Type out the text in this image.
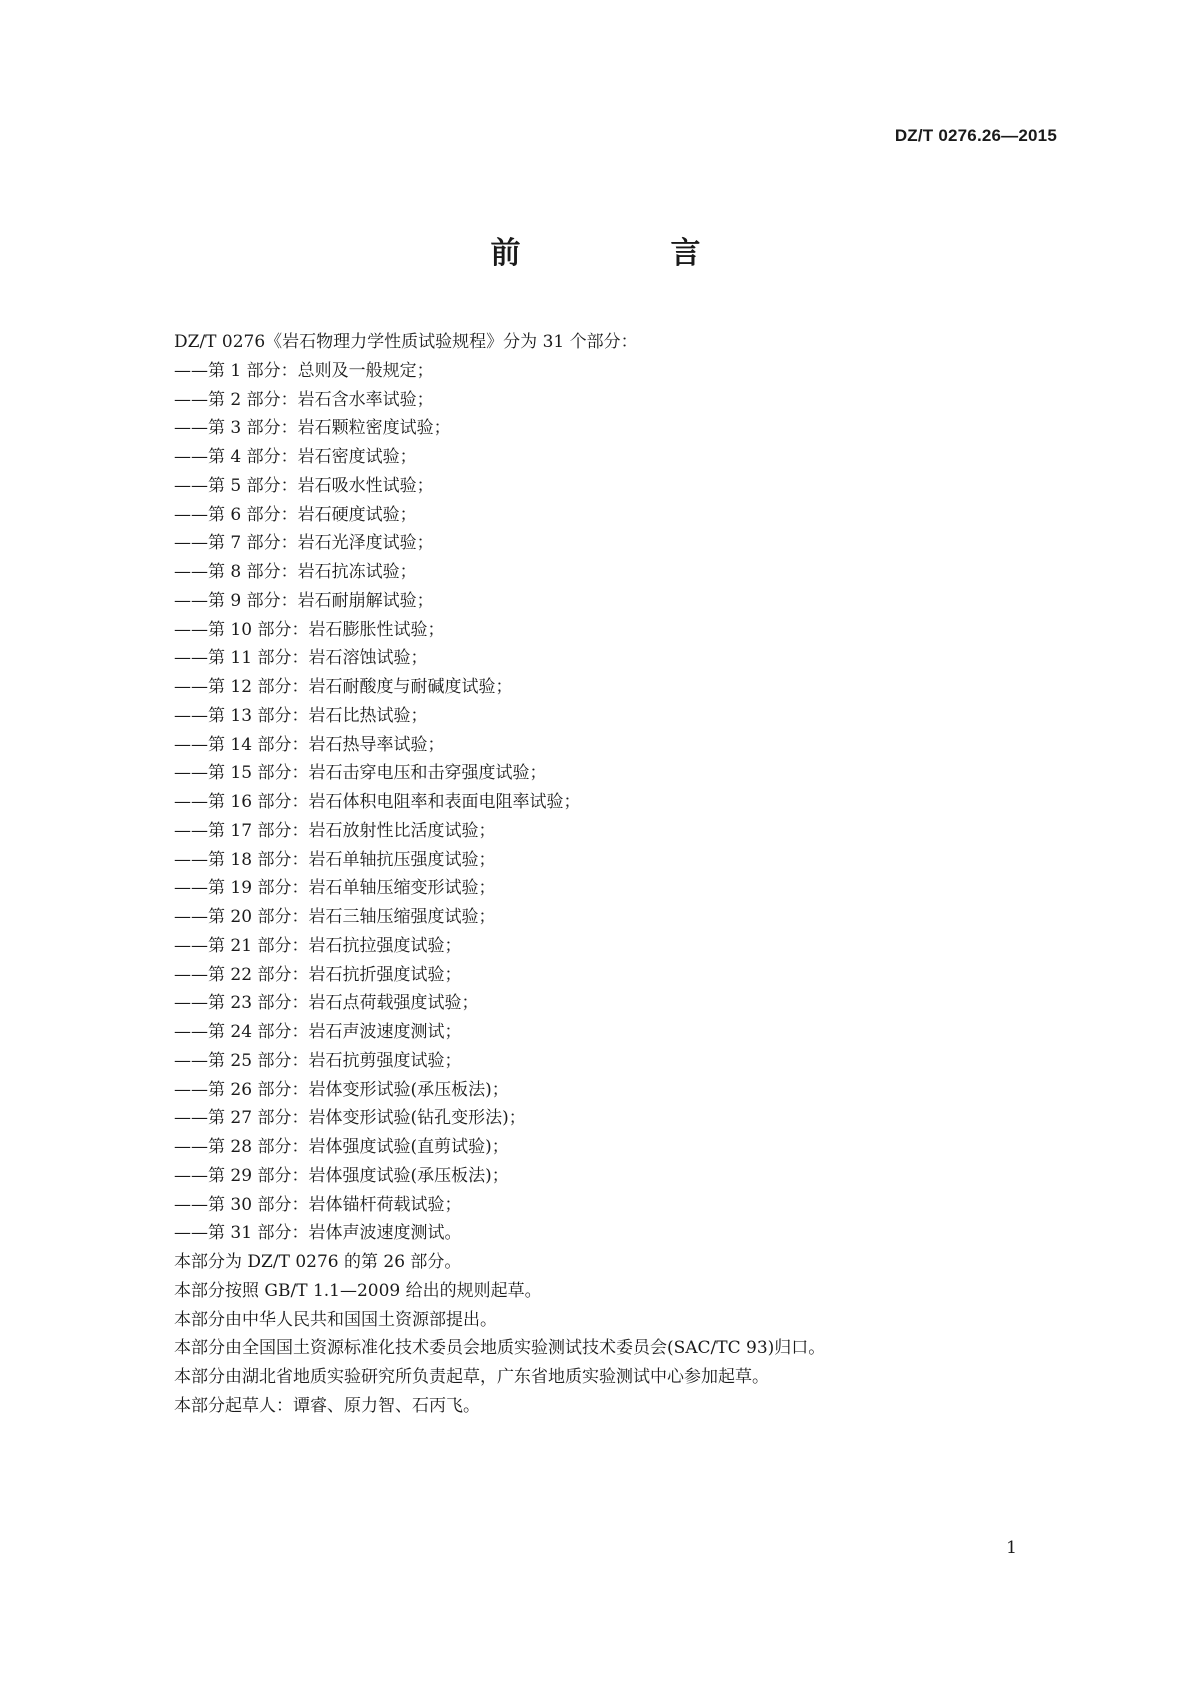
DZ/T 0276.26—2015
前　言
DZ/T 0276《岩石物理力学性质试验规程》分为 31 个部分：
——第 1 部分：总则及一般规定；
——第 2 部分：岩石含水率试验；
——第 3 部分：岩石颗粒密度试验；
——第 4 部分：岩石密度试验；
——第 5 部分：岩石吸水性试验；
——第 6 部分：岩石硬度试验；
——第 7 部分：岩石光泽度试验；
——第 8 部分：岩石抗冻试验；
——第 9 部分：岩石耐崩解试验；
——第 10 部分：岩石膨胀性试验；
——第 11 部分：岩石溶蚀试验；
——第 12 部分：岩石耐酸度与耐碱度试验；
——第 13 部分：岩石比热试验；
——第 14 部分：岩石热导率试验；
——第 15 部分：岩石击穿电压和击穿强度试验；
——第 16 部分：岩石体积电阻率和表面电阻率试验；
——第 17 部分：岩石放射性比活度试验；
——第 18 部分：岩石单轴抗压强度试验；
——第 19 部分：岩石单轴压缩变形试验；
——第 20 部分：岩石三轴压缩强度试验；
——第 21 部分：岩石抗拉强度试验；
——第 22 部分：岩石抗折强度试验；
——第 23 部分：岩石点荷载强度试验；
——第 24 部分：岩石声波速度测试；
——第 25 部分：岩石抗剪强度试验；
——第 26 部分：岩体变形试验(承压板法)；
——第 27 部分：岩体变形试验(钻孔变形法)；
——第 28 部分：岩体强度试验(直剪试验)；
——第 29 部分：岩体强度试验(承压板法)；
——第 30 部分：岩体锚杆荷载试验；
——第 31 部分：岩体声波速度测试。
本部分为 DZ/T 0276 的第 26 部分。
本部分按照 GB/T 1.1—2009 给出的规则起草。
本部分由中华人民共和国国土资源部提出。
本部分由全国国土资源标准化技术委员会地质实验测试技术委员会(SAC/TC 93)归口。
本部分由湖北省地质实验研究所负责起草，广东省地质实验测试中心参加起草。
本部分起草人：谭睿、原力智、石丙飞。
1
